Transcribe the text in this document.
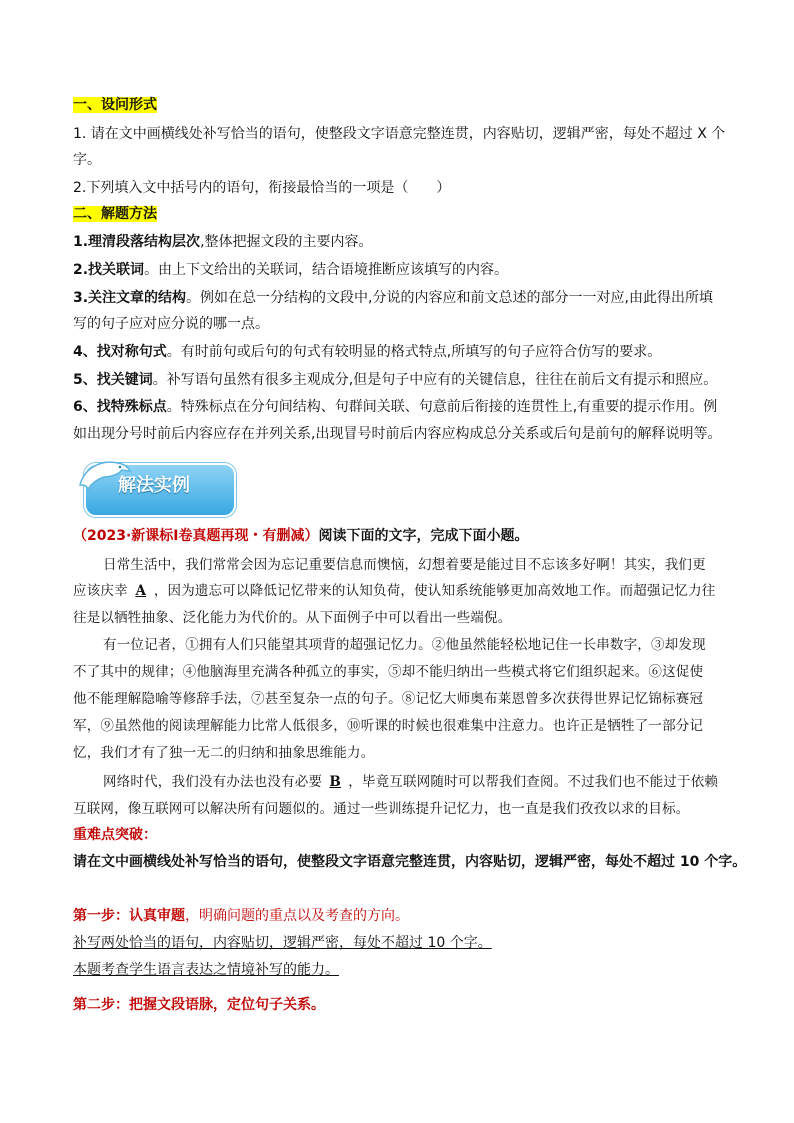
一、设问形式
1. 请在文中画横线处补写恰当的语句，使整段文字语意完整连贯，内容贴切，逻辑严密，每处不超过 X 个
字。
2.下列填入文中括号内的语句，衔接最恰当的一项是（　　）
二、解题方法
1.理清段落结构层次,整体把握文段的主要内容。
2.找关联词。由上下文给出的关联词，结合语境推断应该填写的内容。
3.关注文章的结构。例如在总一分结构的文段中,分说的内容应和前文总述的部分一一对应,由此得出所填
写的句子应对应分说的哪一点。
4、找对称句式。有时前句或后句的句式有较明显的格式特点,所填写的句子应符合仿写的要求。
5、找关键词。补写语句虽然有很多主观成分,但是句子中应有的关键信息，往往在前后文有提示和照应。
6、找特殊标点。特殊标点在分句间结构、句群间关联、句意前后衔接的连贯性上,有重要的提示作用。例
如出现分号时前后内容应存在并列关系,出现冒号时前后内容应构成总分关系或后句是前句的解释说明等。
解法实例
（2023·新课标Ⅰ卷真题再现・有删减）阅读下面的文字，完成下面小题。
日常生活中，我们常常会因为忘记重要信息而懊恼，幻想着要是能过目不忘该多好啊！其实，我们更
应该庆幸 A ，因为遗忘可以降低记忆带来的认知负荷，使认知系统能够更加高效地工作。而超强记忆力往
往是以牺牲抽象、泛化能力为代价的。从下面例子中可以看出一些端倪。
有一位记者，①拥有人们只能望其项背的超强记忆力。②他虽然能轻松地记住一长串数字，③却发现
不了其中的规律；④他脑海里充满各种孤立的事实，⑤却不能归纳出一些模式将它们组织起来。⑥这促使
他不能理解隐喻等修辞手法，⑦甚至复杂一点的句子。⑧记忆大师奥布莱恩曾多次获得世界记忆锦标赛冠
军，⑨虽然他的阅读理解能力比常人低很多，⑩听课的时候也很难集中注意力。也许正是牺牲了一部分记
忆，我们才有了独一无二的归纳和抽象思维能力。
网络时代，我们没有办法也没有必要 B ，毕竟互联网随时可以帮我们查阅。不过我们也不能过于依赖
互联网，像互联网可以解决所有问题似的。通过一些训练提升记忆力，也一直是我们孜孜以求的目标。
重难点突破：
请在文中画横线处补写恰当的语句，使整段文字语意完整连贯，内容贴切，逻辑严密，每处不超过 10 个字。
第一步：认真审题，明确问题的重点以及考查的方向。
补写两处恰当的语句，内容贴切，逻辑严密，每处不超过 10 个字。
本题考查学生语言表达之情境补写的能力。
第二步：把握文段语脉，定位句子关系。
